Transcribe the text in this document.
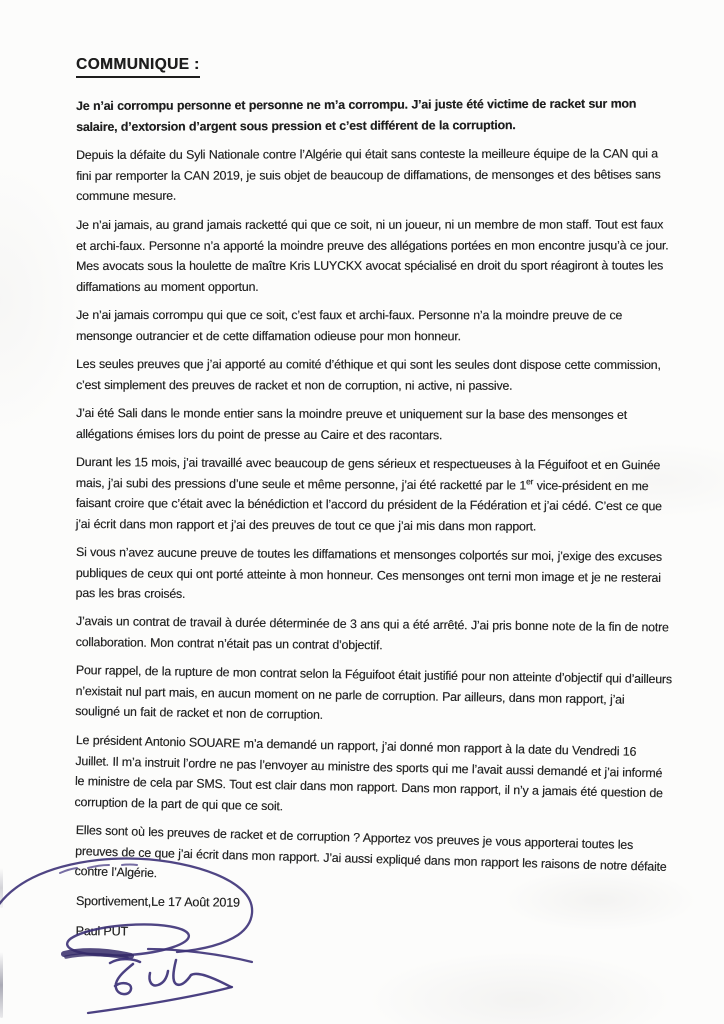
COMMUNIQUE :

Je n’ai corrompu personne et personne ne m’a corrompu. J’ai juste été victime de racket sur mon salaire, d’extorsion d’argent sous pression et c’est différent de la corruption.

Depuis la défaite du Syli Nationale contre l’Algérie qui était sans conteste la meilleure équipe de la CAN qui a fini par remporter la CAN 2019, je suis objet de beaucoup de diffamations, de mensonges et des bêtises sans commune mesure.

Je n’ai jamais, au grand jamais racketté qui que ce soit, ni un joueur, ni un membre de mon staff. Tout est faux et archi-faux. Personne n’a apporté la moindre preuve des allégations portées en mon encontre jusqu’à ce jour. Mes avocats sous la houlette de maître Kris LUYCKX avocat spécialisé en droit du sport réagiront à toutes les diffamations au moment opportun.

Je n’ai jamais corrompu qui que ce soit, c’est faux et archi-faux. Personne n’a la moindre preuve de ce mensonge outrancier et de cette diffamation odieuse pour mon honneur.

Les seules preuves que j’ai apporté au comité d’éthique et qui sont les seules dont dispose cette commission, c’est simplement des preuves de racket et non de corruption, ni active, ni passive.

J’ai été Sali dans le monde entier sans la moindre preuve et uniquement sur la base des mensonges et allégations émises lors du point de presse au Caire et des racontars.

Durant les 15 mois, j’ai travaillé avec beaucoup de gens sérieux et respectueuses à la Féguifoot et en Guinée mais, j’ai subi des pressions d’une seule et même personne, j’ai été racketté par le 1er vice-président en me faisant croire que c’était avec la bénédiction et l’accord du président de la Fédération et j’ai cédé. C’est ce que j’ai écrit dans mon rapport et j’ai des preuves de tout ce que j’ai mis dans mon rapport.

Si vous n’avez aucune preuve de toutes les diffamations et mensonges colportés sur moi, j’exige des excuses publiques de ceux qui ont porté atteinte à mon honneur. Ces mensonges ont terni mon image et je ne resterai pas les bras croisés.

J’avais un contrat de travail à durée déterminée de 3 ans qui a été arrêté. J’ai pris bonne note de la fin de notre collaboration. Mon contrat n’était pas un contrat d’objectif.

Pour rappel, de la rupture de mon contrat selon la Féguifoot était justifié pour non atteinte d’objectif qui d’ailleurs n’existait nul part mais, en aucun moment on ne parle de corruption. Par ailleurs, dans mon rapport, j’ai souligné un fait de racket et non de corruption.

Le président Antonio SOUARE m’a demandé un rapport, j’ai donné mon rapport à la date du Vendredi 16 Juillet. Il m’a instruit l’ordre ne pas l’envoyer au ministre des sports qui me l’avait aussi demandé et j’ai informé le ministre de cela par SMS. Tout est clair dans mon rapport. Dans mon rapport, il n’y a jamais été question de corruption de la part de qui que ce soit.

Elles sont où les preuves de racket et de corruption ? Apportez vos preuves je vous apporterai toutes les preuves de ce que j’ai écrit dans mon rapport. J’ai aussi expliqué dans mon rapport les raisons de notre défaite contre l’Algérie.

Sportivement,Le 17 Août 2019

Paul PUT
